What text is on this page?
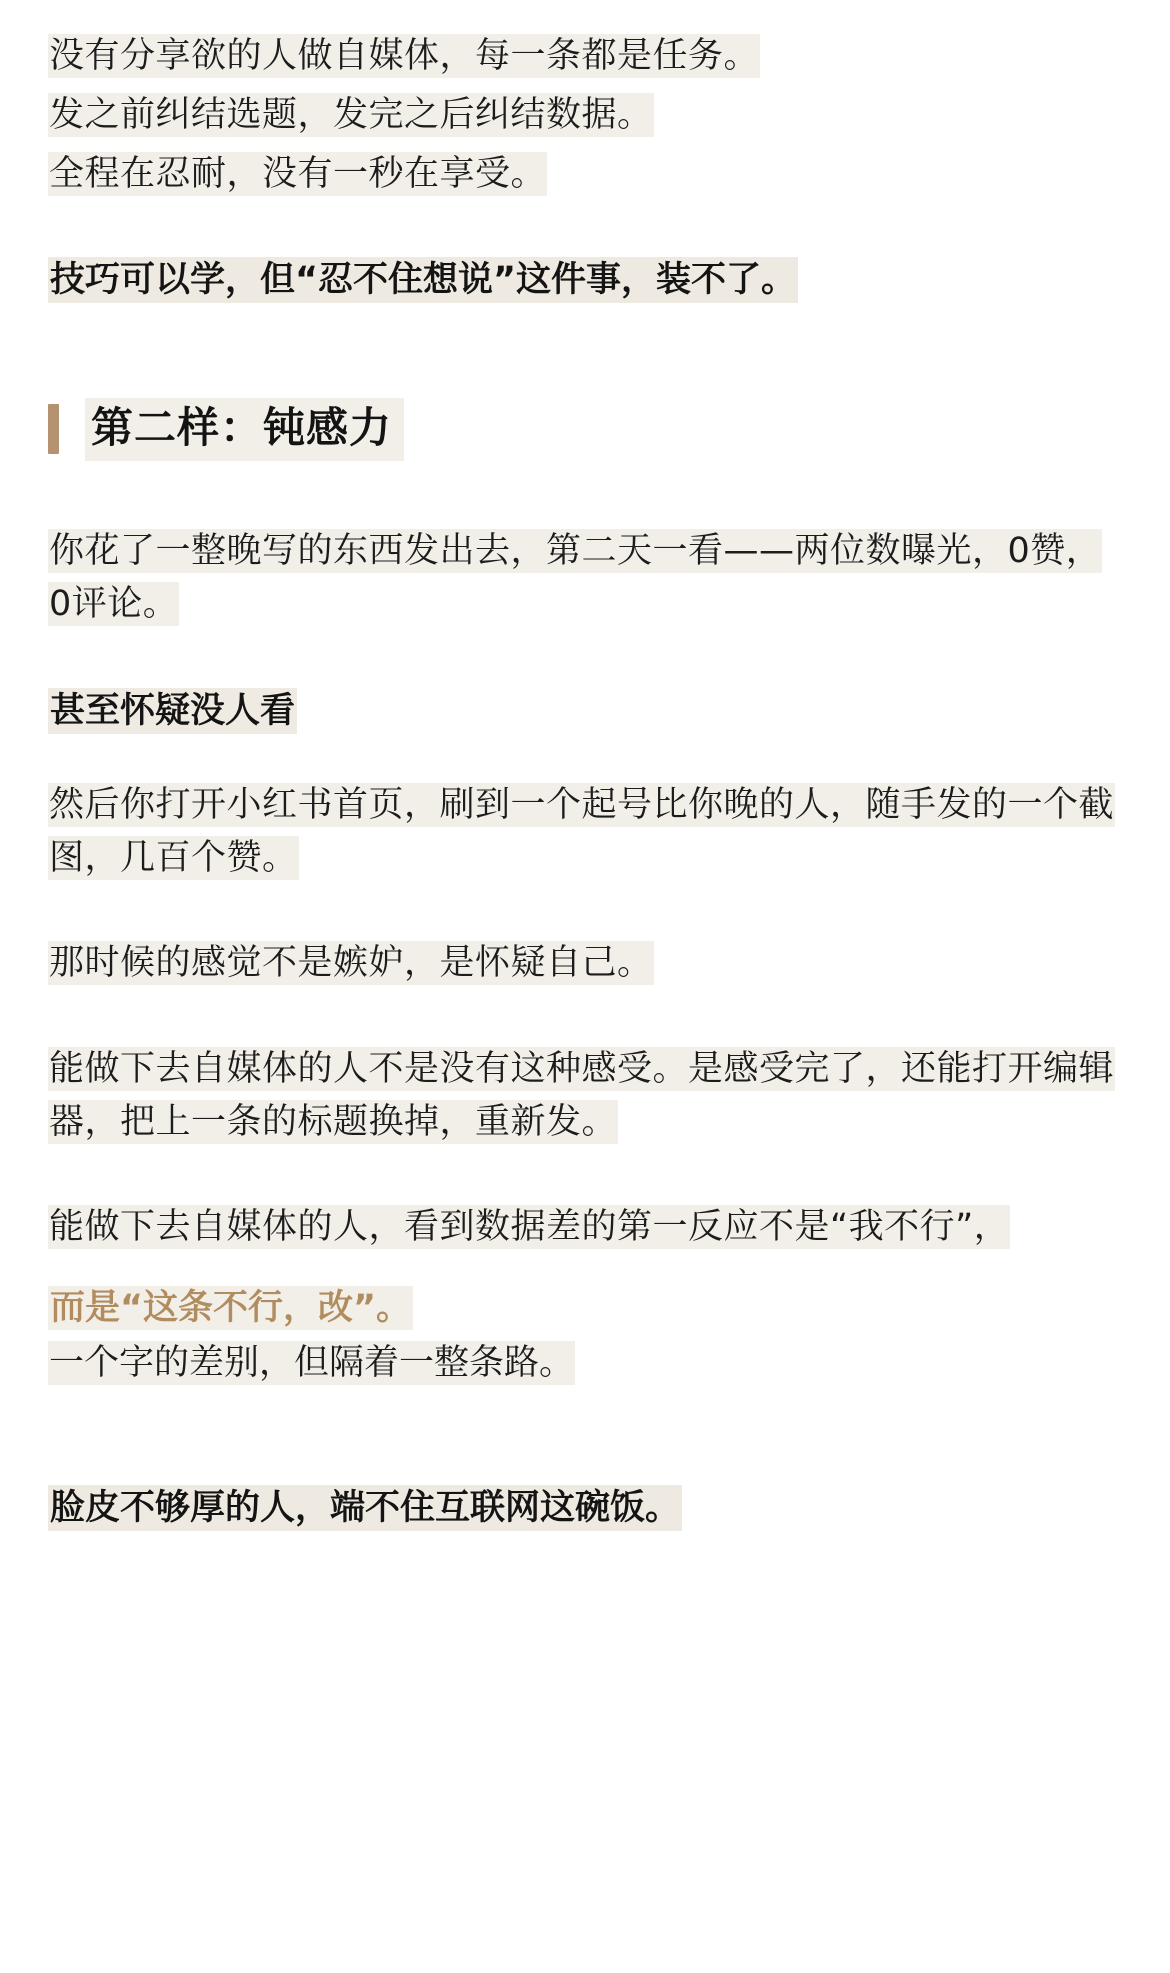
没有分享欲的人做自媒体，每一条都是任务。

发之前纠结选题，发完之后纠结数据。

全程在忍耐，没有一秒在享受。

技巧可以学，但“忍不住想说”这件事，装不了。

第二样：钝感力

你花了一整晚写的东西发出去，第二天一看——两位数曝光，0赞，0评论。

甚至怀疑没人看

然后你打开小红书首页，刷到一个起号比你晚的人，随手发的一个截图，几百个赞。

那时候的感觉不是嫉妒，是怀疑自己。

能做下去自媒体的人不是没有这种感受。是感受完了，还能打开编辑器，把上一条的标题换掉，重新发。

能做下去自媒体的人，看到数据差的第一反应不是“我不行”，

而是“这条不行，改”。

一个字的差别，但隔着一整条路。

脸皮不够厚的人，端不住互联网这碗饭。
